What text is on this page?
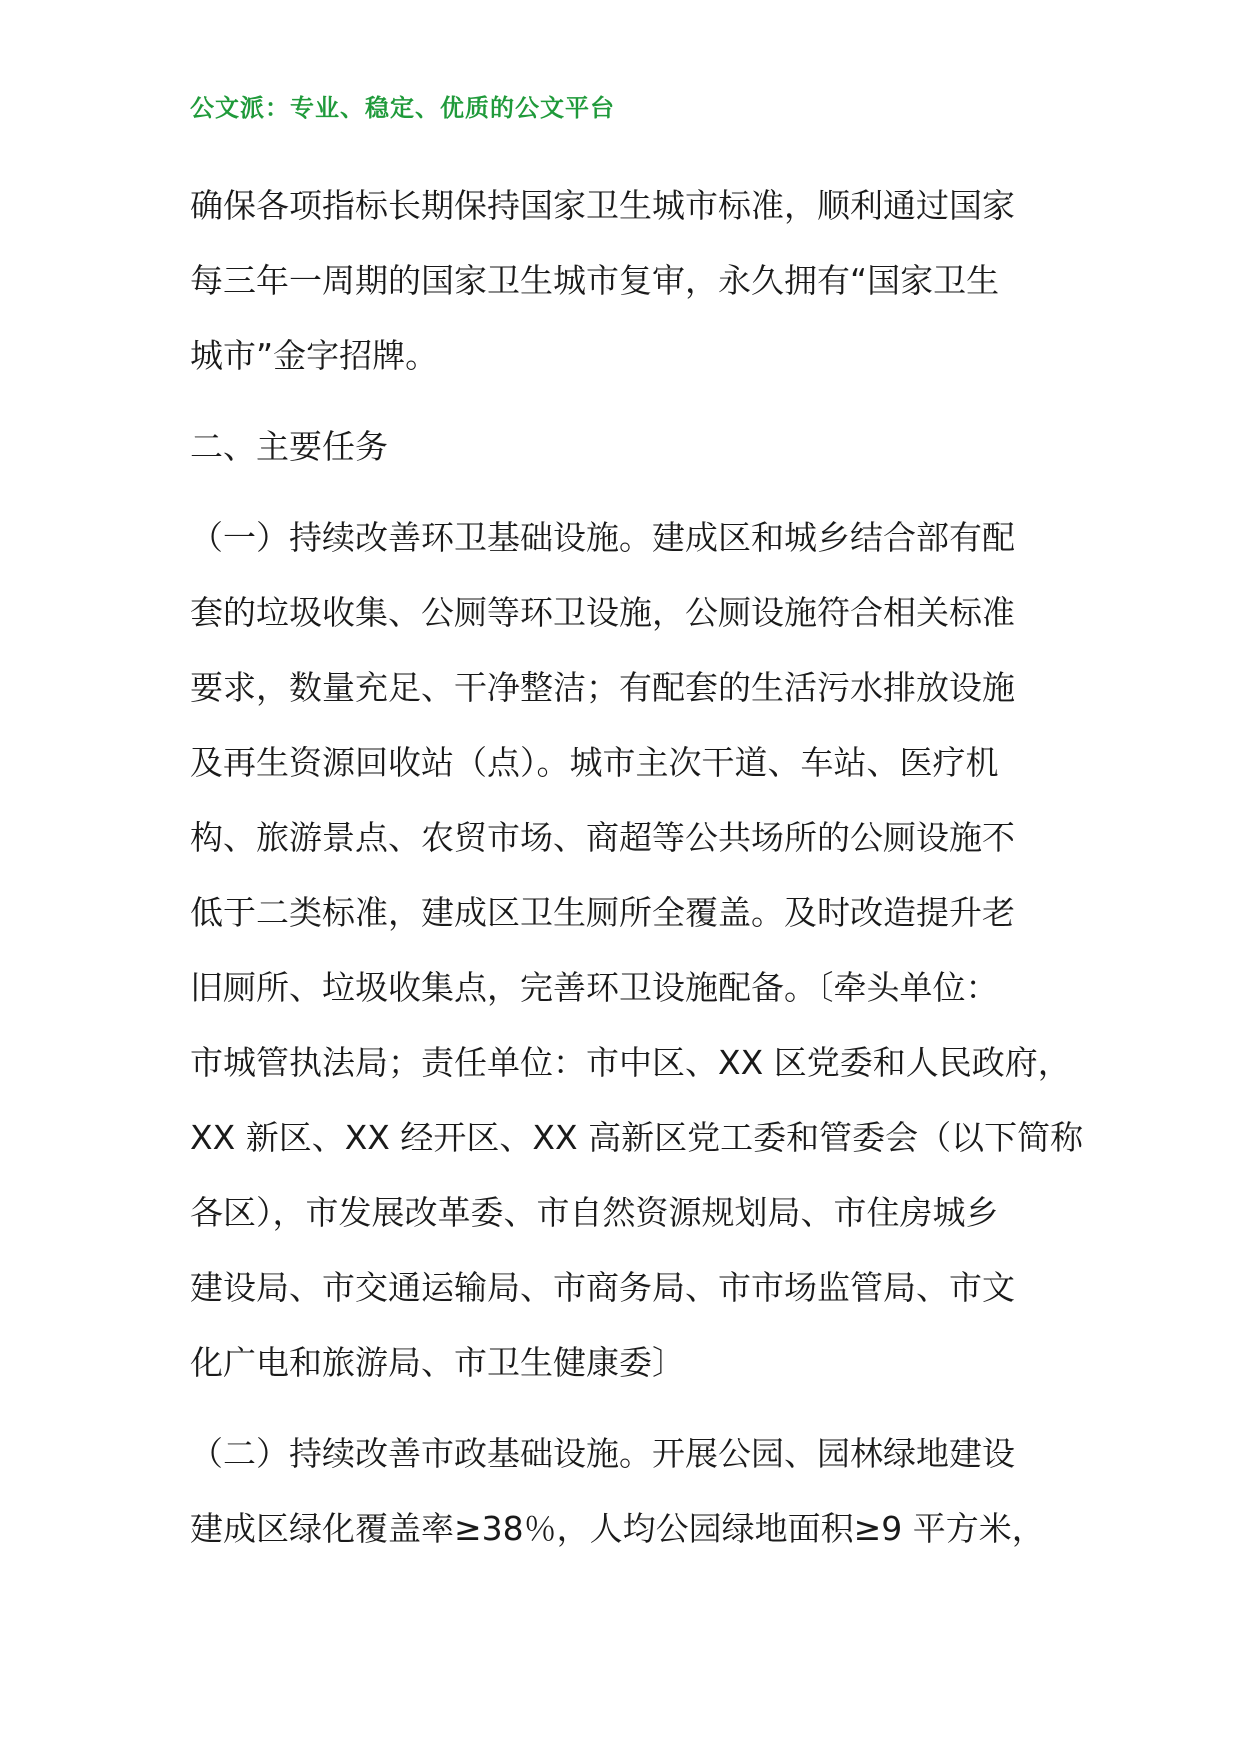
公文派：专业、稳定、优质的公文平台
确保各项指标长期保持国家卫生城市标准，顺利通过国家
每三年一周期的国家卫生城市复审，永久拥有“国家卫生
城市”金字招牌。
二、主要任务
（一）持续改善环卫基础设施。建成区和城乡结合部有配
套的垃圾收集、公厕等环卫设施，公厕设施符合相关标准
要求，数量充足、干净整洁；有配套的生活污水排放设施
及再生资源回收站（点）。城市主次干道、车站、医疗机
构、旅游景点、农贸市场、商超等公共场所的公厕设施不
低于二类标准，建成区卫生厕所全覆盖。及时改造提升老
旧厕所、垃圾收集点，完善环卫设施配备。〔牵头单位：
市城管执法局；责任单位：市中区、XX 区党委和人民政府，
XX 新区、XX 经开区、XX 高新区党工委和管委会（以下简称
各区），市发展改革委、市自然资源规划局、市住房城乡
建设局、市交通运输局、市商务局、市市场监管局、市文
化广电和旅游局、市卫生健康委〕
（二）持续改善市政基础设施。开展公园、园林绿地建设
建成区绿化覆盖率≥38％，人均公园绿地面积≥9 平方米，
